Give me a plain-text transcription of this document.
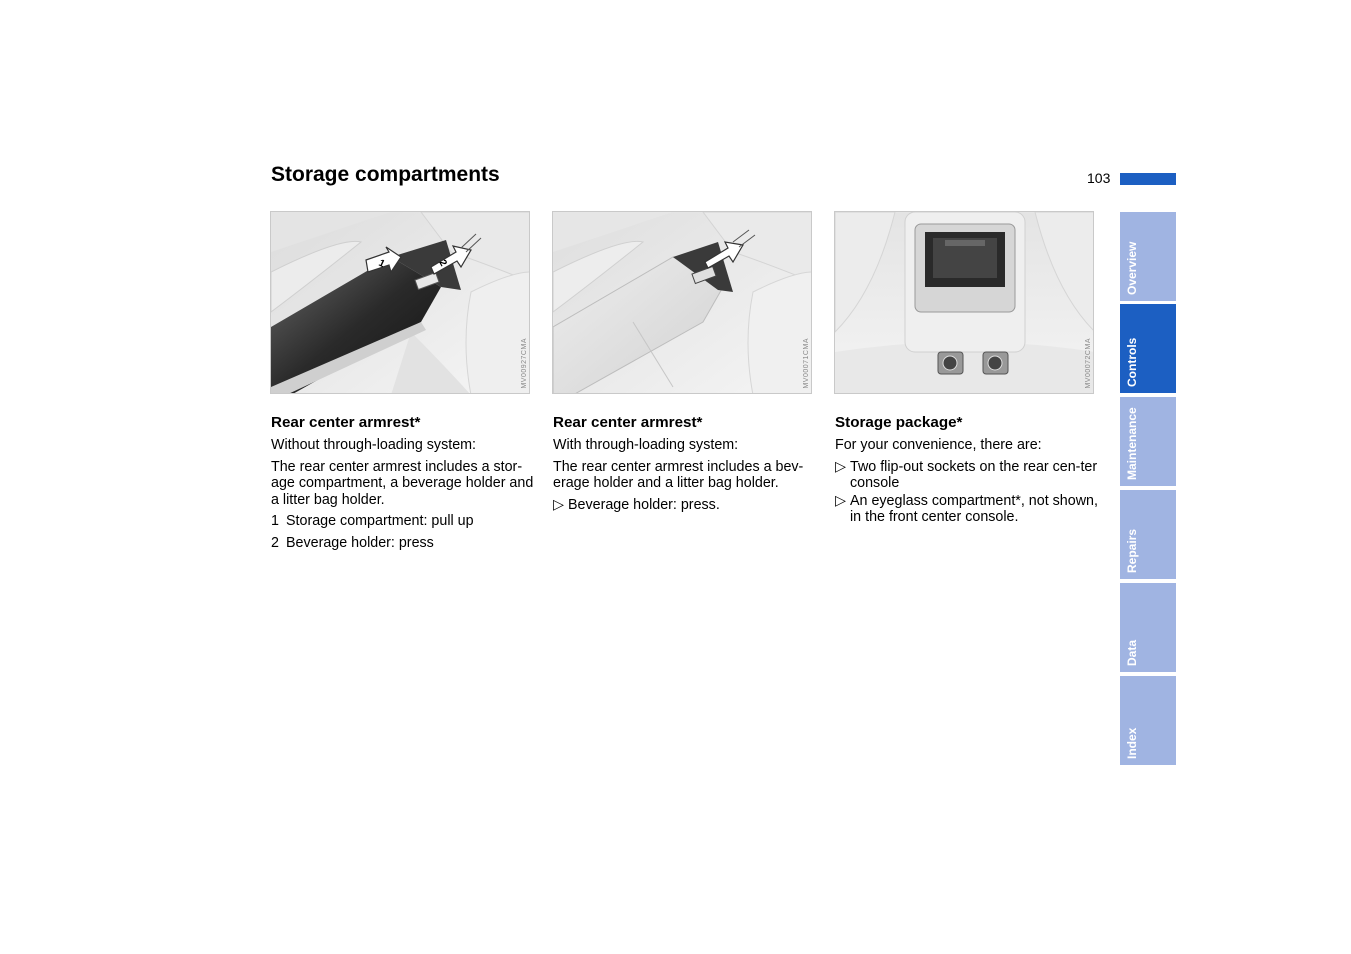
Storage compartments	103
1	2
MV00927CMA	MV00071CMA	MV00072CMA
Rear center armrest*

Without through-loading system:

The rear center armrest includes a stor-age compartment, a beverage holder and a litter bag holder.

1 Storage compartment: pull up
2 Beverage holder: press
Rear center armrest*

With through-loading system:

The rear center armrest includes a bev-erage holder and a litter bag holder.

▷ Beverage holder: press.
Storage package*

For your convenience, there are:

▷ Two flip-out sockets on the rear cen-ter console
▷ An eyeglass compartment*, not shown, in the front center console.
Overview
Controls
Maintenance
Repairs
Data
Index
